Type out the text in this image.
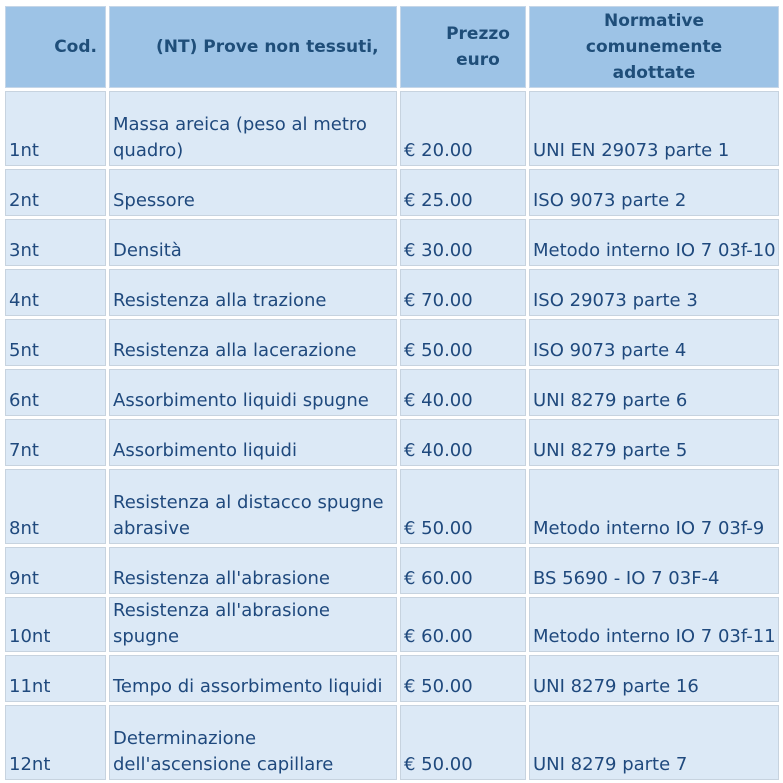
Cod.	(NT) Prove non tessuti,	Prezzo euro	Normative comunemente adottate

1nt	Massa areica (peso al metro quadro)	€ 20.00	UNI EN 29073 parte 1
2nt	Spessore	€ 25.00	ISO 9073 parte 2
3nt	Densità	€ 30.00	Metodo interno IO 7 03f-10
4nt	Resistenza alla trazione	€ 70.00	ISO 29073 parte 3
5nt	Resistenza alla lacerazione	€ 50.00	ISO 9073 parte 4
6nt	Assorbimento liquidi spugne	€ 40.00	UNI 8279 parte 6
7nt	Assorbimento liquidi	€ 40.00	UNI 8279 parte 5
8nt	Resistenza al distacco spugne abrasive	€ 50.00	Metodo interno IO 7 03f-9
9nt	Resistenza all'abrasione	€ 60.00	BS 5690 - IO 7 03F-4
10nt	Resistenza all'abrasione spugne	€ 60.00	Metodo interno IO 7 03f-11
11nt	Tempo di assorbimento liquidi	€ 50.00	UNI 8279 parte 16
12nt	Determinazione dell'ascensione capillare	€ 50.00	UNI 8279 parte 7
